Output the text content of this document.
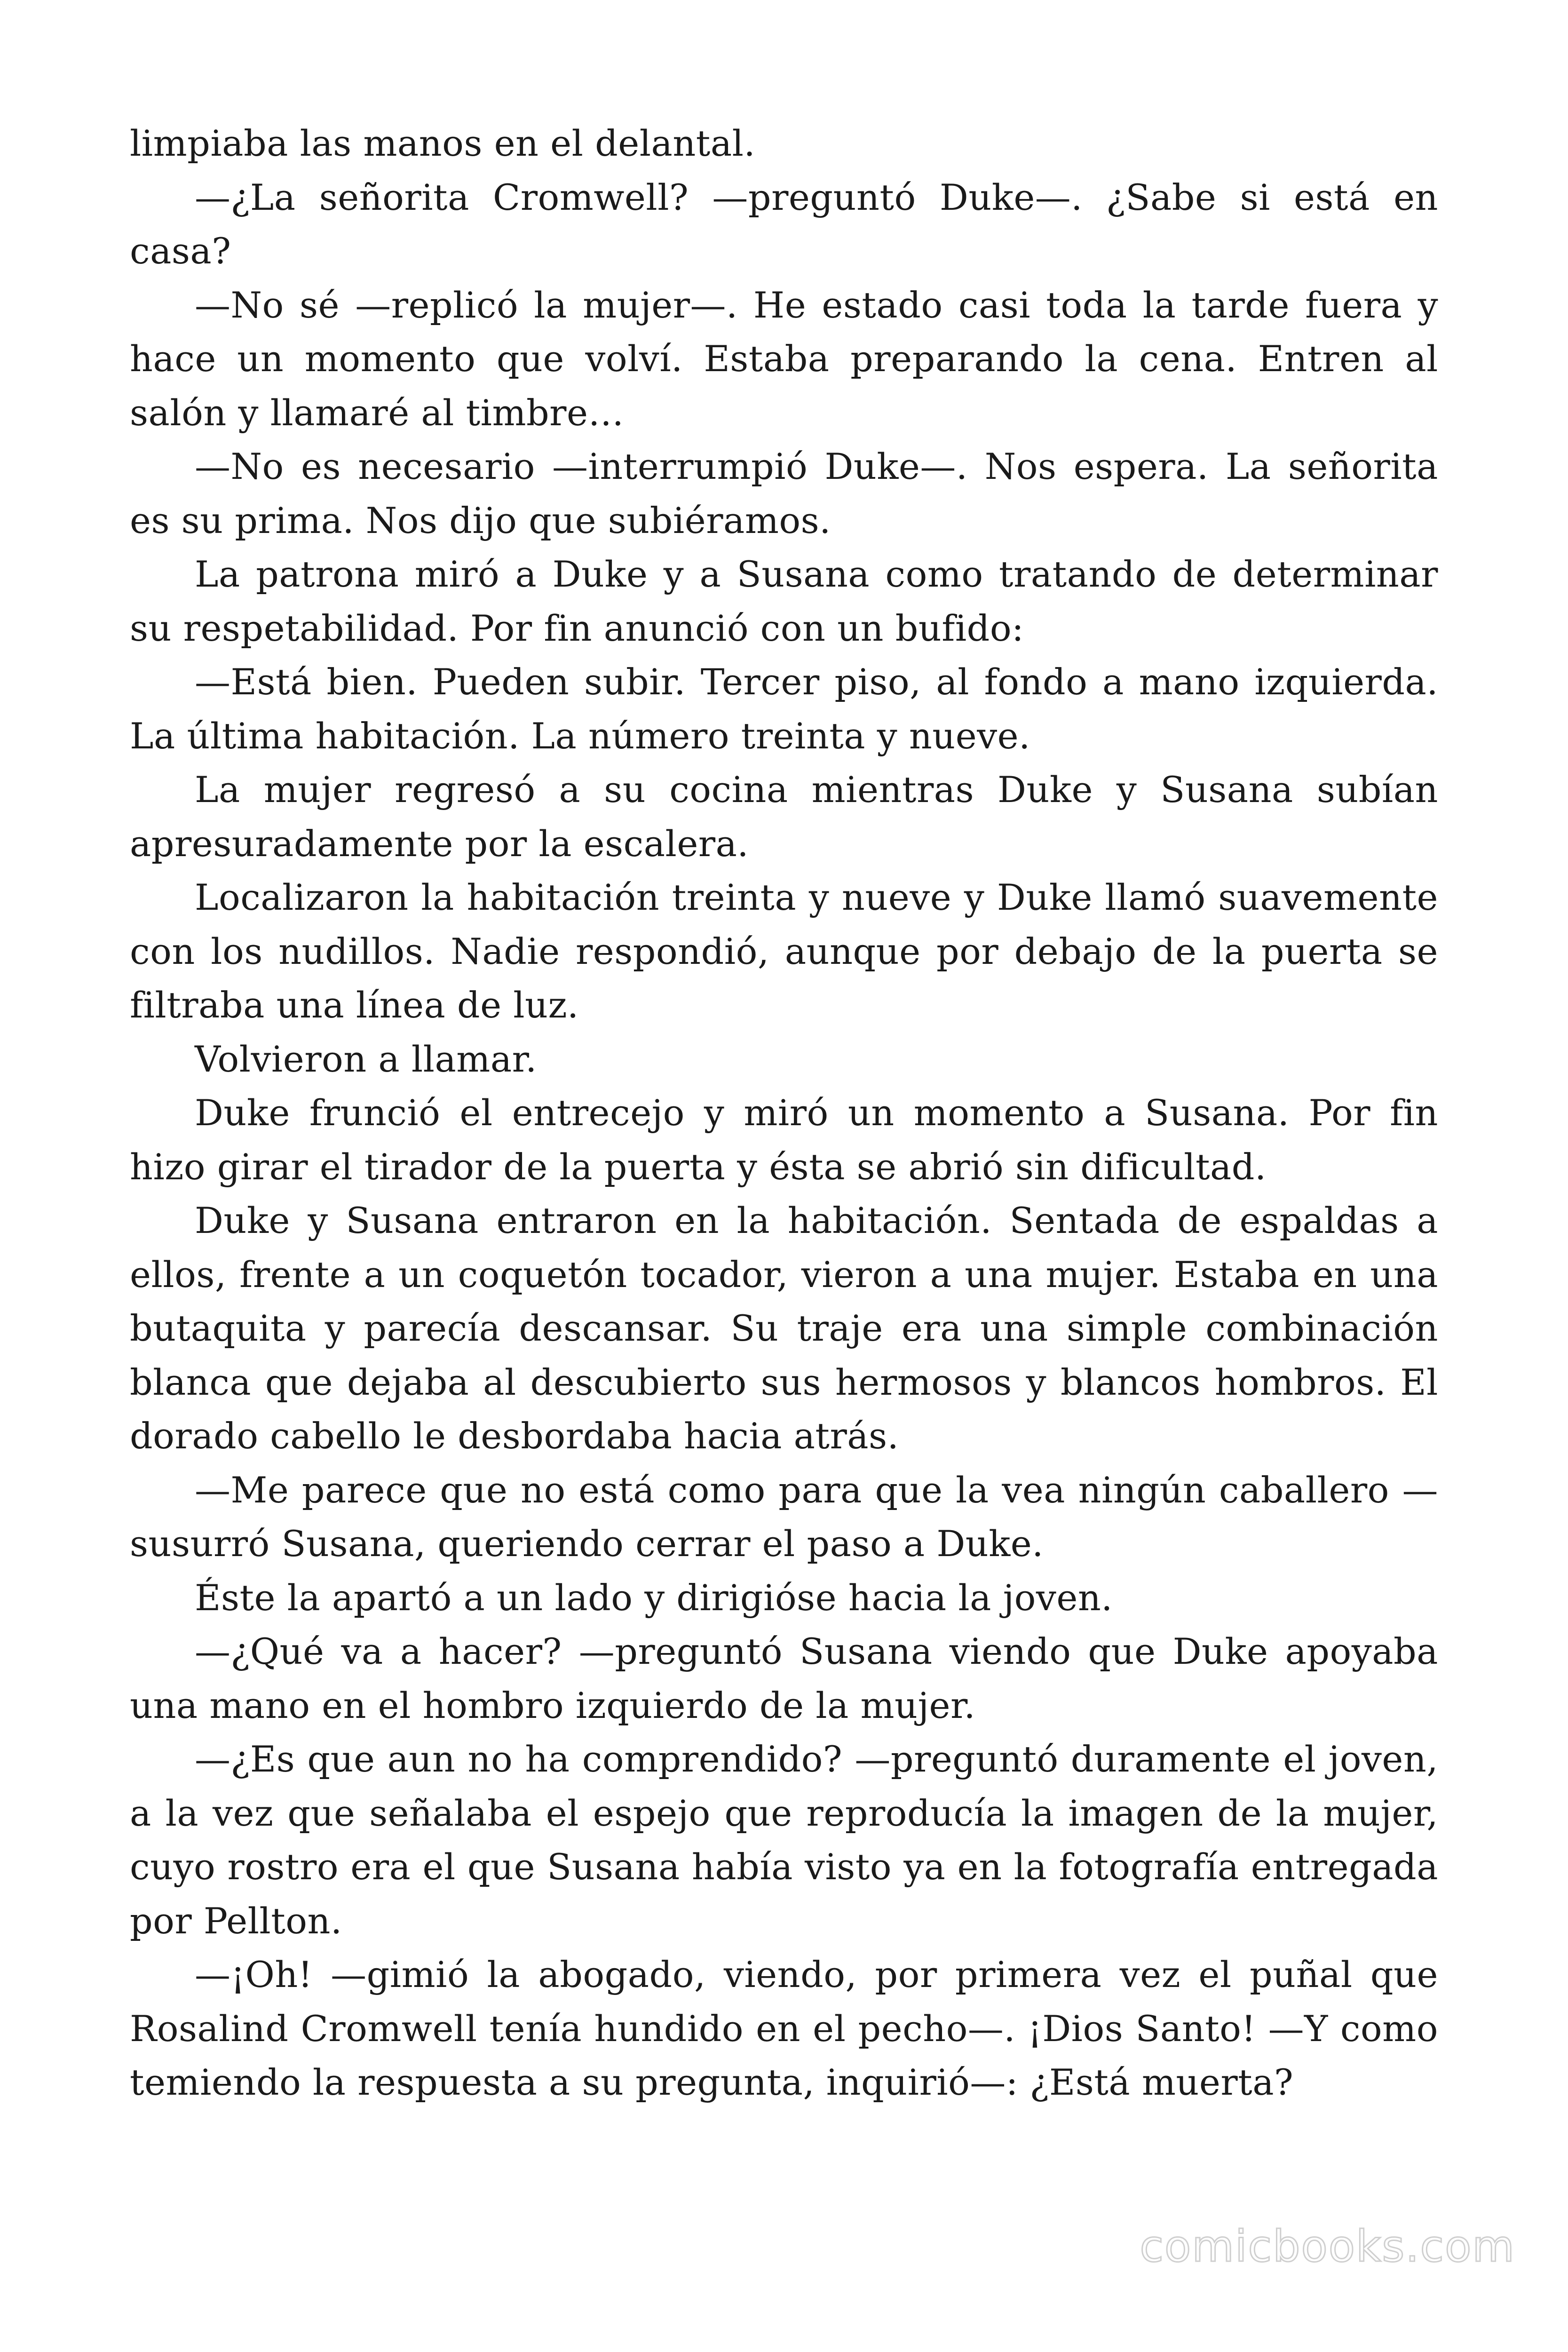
limpiaba las manos en el delantal.

—¿La señorita Cromwell? —preguntó Duke—. ¿Sabe si está en casa?

—No sé —replicó la mujer—. He estado casi toda la tarde fuera y hace un momento que volví. Estaba preparando la cena. Entren al salón y llamaré al timbre…

—No es necesario —interrumpió Duke—. Nos espera. La señorita es su prima. Nos dijo que subiéramos.

La patrona miró a Duke y a Susana como tratando de determinar su respetabilidad. Por fin anunció con un bufido:

—Está bien. Pueden subir. Tercer piso, al fondo a mano izquierda. La última habitación. La número treinta y nueve.

La mujer regresó a su cocina mientras Duke y Susana subían apresuradamente por la escalera.

Localizaron la habitación treinta y nueve y Duke llamó suavemente con los nudillos. Nadie respondió, aunque por debajo de la puerta se filtraba una línea de luz.

Volvieron a llamar.

Duke frunció el entrecejo y miró un momento a Susana. Por fin hizo girar el tirador de la puerta y ésta se abrió sin dificultad.

Duke y Susana entraron en la habitación. Sentada de espaldas a ellos, frente a un coquetón tocador, vieron a una mujer. Estaba en una butaquita y parecía descansar. Su traje era una simple combinación blanca que dejaba al descubierto sus hermosos y blancos hombros. El dorado cabello le desbordaba hacia atrás.

—Me parece que no está como para que la vea ningún caballero —susurró Susana, queriendo cerrar el paso a Duke.

Éste la apartó a un lado y dirigióse hacia la joven.

—¿Qué va a hacer? —preguntó Susana viendo que Duke apoyaba una mano en el hombro izquierdo de la mujer.

—¿Es que aun no ha comprendido? —preguntó duramente el joven, a la vez que señalaba el espejo que reproducía la imagen de la mujer, cuyo rostro era el que Susana había visto ya en la fotografía entregada por Pellton.

—¡Oh! —gimió la abogado, viendo, por primera vez el puñal que Rosalind Cromwell tenía hundido en el pecho—. ¡Dios Santo! —Y como temiendo la respuesta a su pregunta, inquirió—: ¿Está muerta?

comicbooks.com
